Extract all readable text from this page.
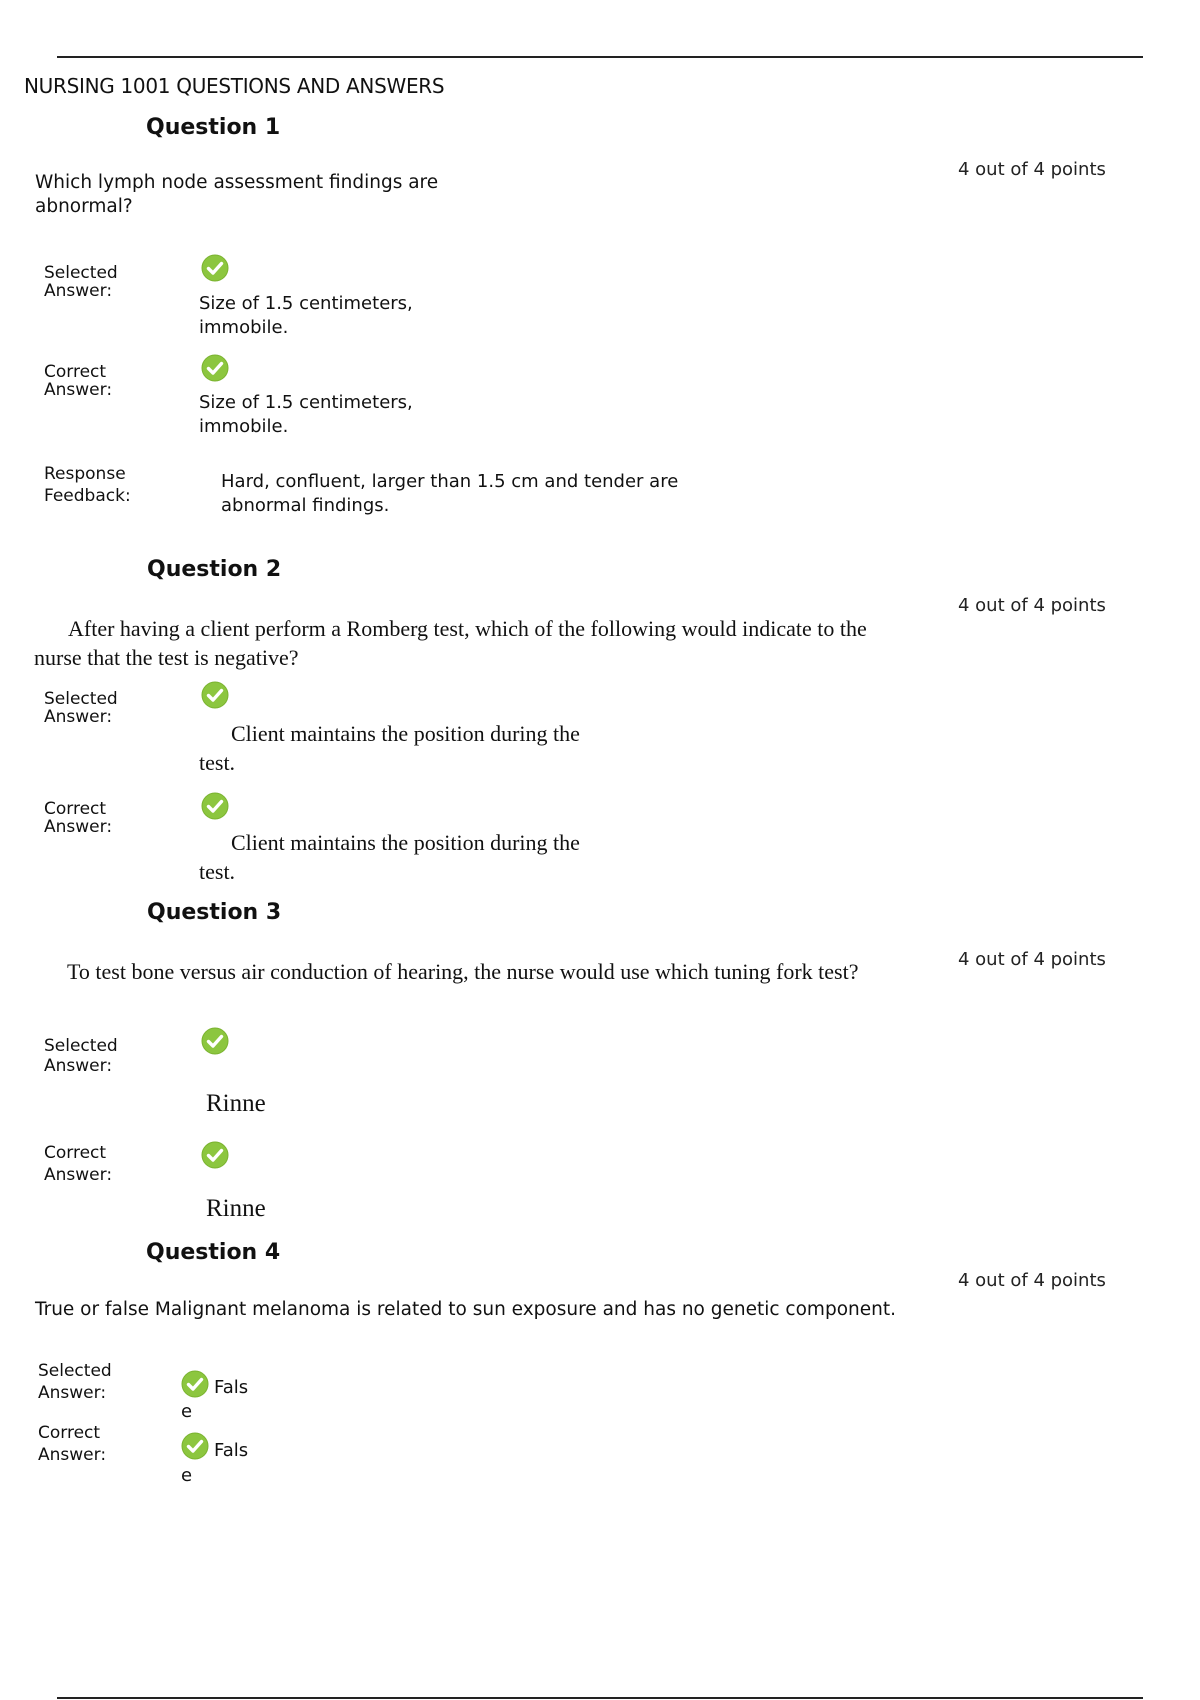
NURSING 1001 QUESTIONS AND ANSWERS
Question 1
4 out of 4 points
Which lymph node assessment findings are abnormal?
Selected Answer:
Size of 1.5 centimeters, immobile.
Correct Answer:
Size of 1.5 centimeters, immobile.
Response Feedback:
Hard, confluent, larger than 1.5 cm and tender are abnormal findings.
Question 2
4 out of 4 points
After having a client perform a Romberg test, which of the following would indicate to the nurse that the test is negative?
Selected Answer:
Client maintains the position during the test.
Correct Answer:
Client maintains the position during the test.
Question 3
4 out of 4 points
To test bone versus air conduction of hearing, the nurse would use which tuning fork test?
Selected Answer:
Rinne
Correct Answer:
Rinne
Question 4
4 out of 4 points
True or false Malignant melanoma is related to sun exposure and has no genetic component.
Selected Answer:	Fals
e
Correct Answer:	Fals
e
